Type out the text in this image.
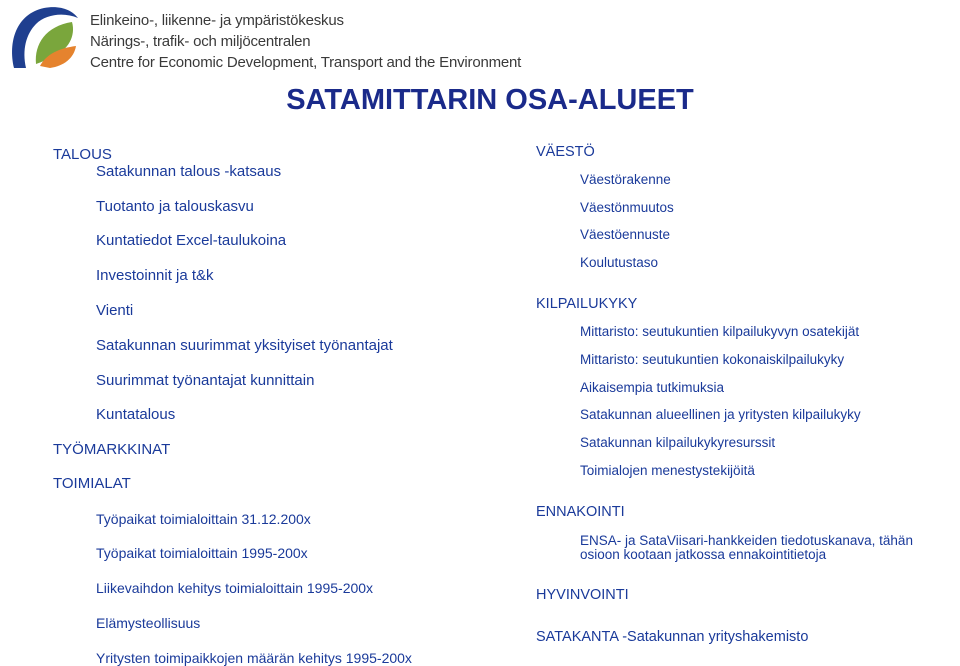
Elinkeino-, liikenne- ja ympäristökeskus
Närings-, trafik- och miljöcentralen
Centre for Economic Development, Transport and the Environment
SATAMITTARIN OSA-ALUEET
TALOUS
Satakunnan talous -katsaus
Tuotanto ja talouskasvu
Kuntatiedot Excel-taulukoina
Investoinnit ja t&k
Vienti
Satakunnan suurimmat yksityiset työnantajat
Suurimmat työnantajat kunnittain
Kuntatalous
TYÖMARKKINAT
TOIMIALAT
Työpaikat toimialoittain 31.12.200x
Työpaikat toimialoittain 1995-200x
Liikevaihdon kehitys toimialoittain 1995-200x
Elämysteollisuus
Yritysten toimipaikkojen määrän kehitys 1995-200x
VÄESTÖ
Väestörakenne
Väestönmuutos
Väestöennuste
Koulutustaso
KILPAILUKYKY
Mittaristo: seutukuntien kilpailukyvyn osatekijät
Mittaristo: seutukuntien kokonaiskilpailukyky
Aikaisempia tutkimuksia
Satakunnan alueellinen ja yritysten kilpailukyky
Satakunnan kilpailukykyresurssit
Toimialojen menestystekijöitä
ENNAKOINTI
ENSA- ja SataViisari-hankkeiden tiedotuskanava, tähän
osioon kootaan jatkossa ennakointitietoja
HYVINVOINTI
SATAKANTA -Satakunnan yrityshakemisto
